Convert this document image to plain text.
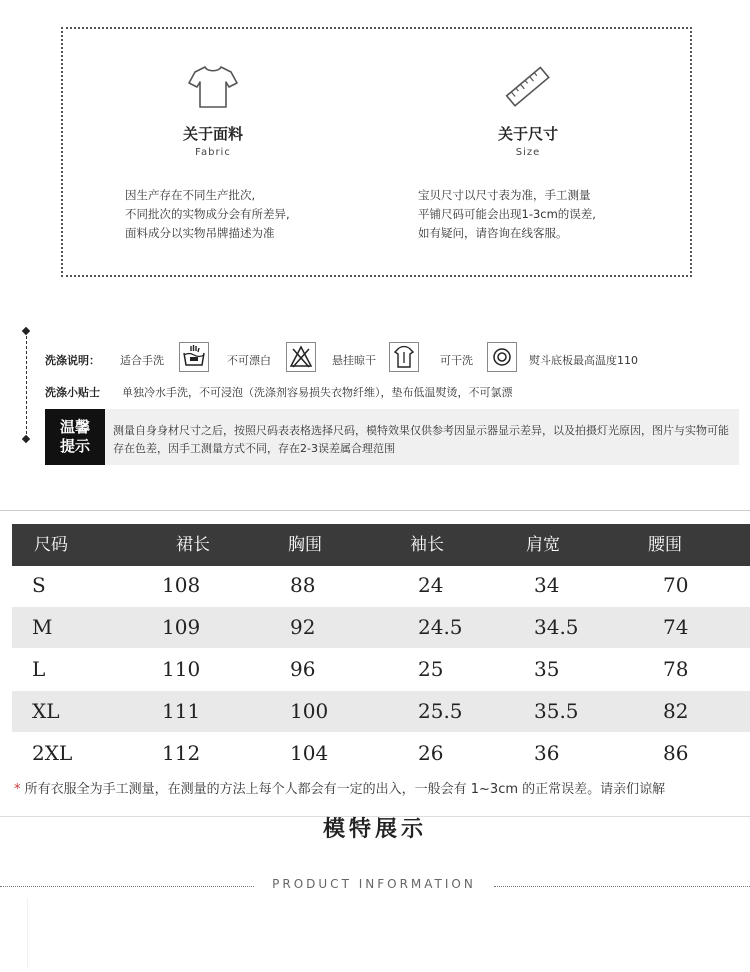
关于面料
Fabric
因生产存在不同生产批次,
不同批次的实物成分会有所差异,
面料成分以实物吊牌描述为准
关于尺寸
Size
宝贝尺寸以尺寸表为准，手工测量
平铺尺码可能会出现1-3cm的误差,
如有疑问，请咨询在线客服。
洗涤说明： 适合手洗	不可漂白	悬挂晾干	可干洗	熨斗底板最高温度110
洗涤小贴士 单独冷水手洗，不可浸泡（洗涤剂容易损失衣物纤维），垫布低温熨烫，不可氯漂
温馨
提示
测量自身身材尺寸之后，按照尺码表表格选择尺码，模特效果仅供参考因显示器显示差异，以及拍摄灯光原因，图片与实物可能存在色差，因手工测量方式不同，存在2-3误差属合理范围
尺码	裙长	胸围	袖长	肩宽	腰围
S	108	88	24	34	70
M	109	92	24.5	34.5	74
L	110	96	25	35	78
XL	111	100	25.5	35.5	82
2XL	112	104	26	36	86
* 所有衣服全为手工测量，在测量的方法上每个人都会有一定的出入，一般会有 1~3cm 的正常误差。请亲们谅解
模特展示
PRODUCT INFORMATION
